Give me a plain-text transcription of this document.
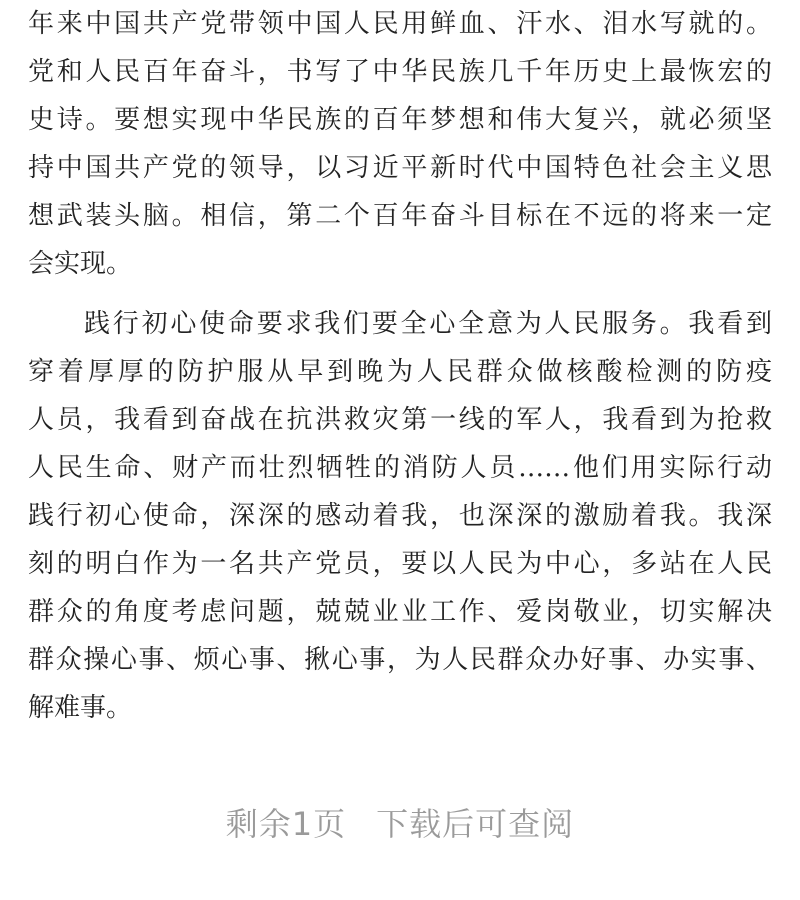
年来中国共产党带领中国人民用鲜血、汗水、泪水写就的。
党和人民百年奋斗，书写了中华民族几千年历史上最恢宏的
史诗。要想实现中华民族的百年梦想和伟大复兴，就必须坚
持中国共产党的领导，以习近平新时代中国特色社会主义思
想武装头脑。相信，第二个百年奋斗目标在不远的将来一定
会实现。
践行初心使命要求我们要全心全意为人民服务。我看到
穿着厚厚的防护服从早到晚为人民群众做核酸检测的防疫
人员，我看到奋战在抗洪救灾第一线的军人，我看到为抢救
人民生命、财产而壮烈牺牲的消防人员……他们用实际行动
践行初心使命，深深的感动着我，也深深的激励着我。我深
刻的明白作为一名共产党员，要以人民为中心，多站在人民
群众的角度考虑问题，兢兢业业工作、爱岗敬业，切实解决
群众操心事、烦心事、揪心事，为人民群众办好事、办实事、
解难事。
剩余1页 下载后可查阅
